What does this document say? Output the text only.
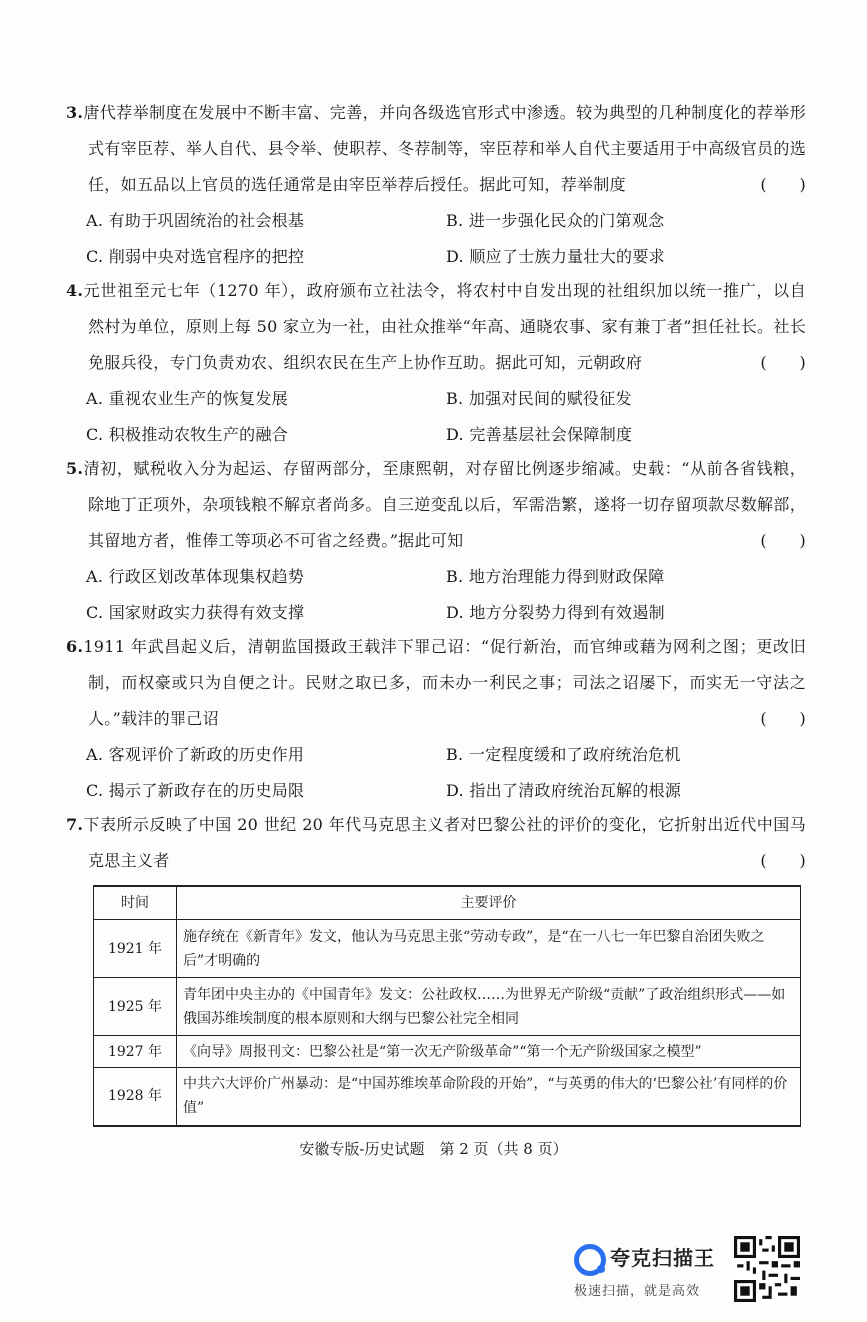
3.唐代荐举制度在发展中不断丰富、完善，并向各级选官形式中渗透。较为典型的几种制度化的荐举形式有宰臣荐、举人自代、县令举、使职荐、冬荐制等，宰臣荐和举人自代主要适用于中高级官员的选任，如五品以上官员的选任通常是由宰臣举荐后授任。据此可知，荐举制度	(　　)
A. 有助于巩固统治的社会根基	B. 进一步强化民众的门第观念
C. 削弱中央对选官程序的把控	D. 顺应了士族力量壮大的要求
4.元世祖至元七年（1270 年），政府颁布立社法令，将农村中自发出现的社组织加以统一推广，以自然村为单位，原则上每 50 家立为一社，由社众推举“年高、通晓农事、家有兼丁者”担任社长。社长免服兵役，专门负责劝农、组织农民在生产上协作互助。据此可知，元朝政府	(　　)
A. 重视农业生产的恢复发展	B. 加强对民间的赋役征发
C. 积极推动农牧生产的融合	D. 完善基层社会保障制度
5.清初，赋税收入分为起运、存留两部分，至康熙朝，对存留比例逐步缩减。史载：“从前各省钱粮，除地丁正项外，杂项钱粮不解京者尚多。自三逆变乱以后，军需浩繁，遂将一切存留项款尽数解部，其留地方者，惟俸工等项必不可省之经费。”据此可知	(　　)
A. 行政区划改革体现集权趋势	B. 地方治理能力得到财政保障
C. 国家财政实力获得有效支撑	D. 地方分裂势力得到有效遏制
6.1911 年武昌起义后，清朝监国摄政王载沣下罪己诏：“促行新治，而官绅或藉为网利之图；更改旧制，而权豪或只为自便之计。民财之取已多，而未办一利民之事；司法之诏屡下，而实无一守法之人。”载沣的罪己诏	(　　)
A. 客观评价了新政的历史作用	B. 一定程度缓和了政府统治危机
C. 揭示了新政存在的历史局限	D. 指出了清政府统治瓦解的根源
7.下表所示反映了中国 20 世纪 20 年代马克思主义者对巴黎公社的评价的变化，它折射出近代中国马克思主义者	(　　)
时间	主要评价
1921 年	施存统在《新青年》发文，他认为马克思主张“劳动专政”，是“在一八七一年巴黎自治团失败之后”才明确的
1925 年	青年团中央主办的《中国青年》发文：公社政权……为世界无产阶级“贡献”了政治组织形式——如俄国苏维埃制度的根本原则和大纲与巴黎公社完全相同
1927 年	《向导》周报刊文：巴黎公社是“第一次无产阶级革命”“第一个无产阶级国家之模型”
1928 年	中共六大评价广州暴动：是“中国苏维埃革命阶段的开始”，“与英勇的伟大的‘巴黎公社’有同样的价值”
安徽专版-历史试题　第 2 页（共 8 页）
夸克扫描王
极速扫描，就是高效
